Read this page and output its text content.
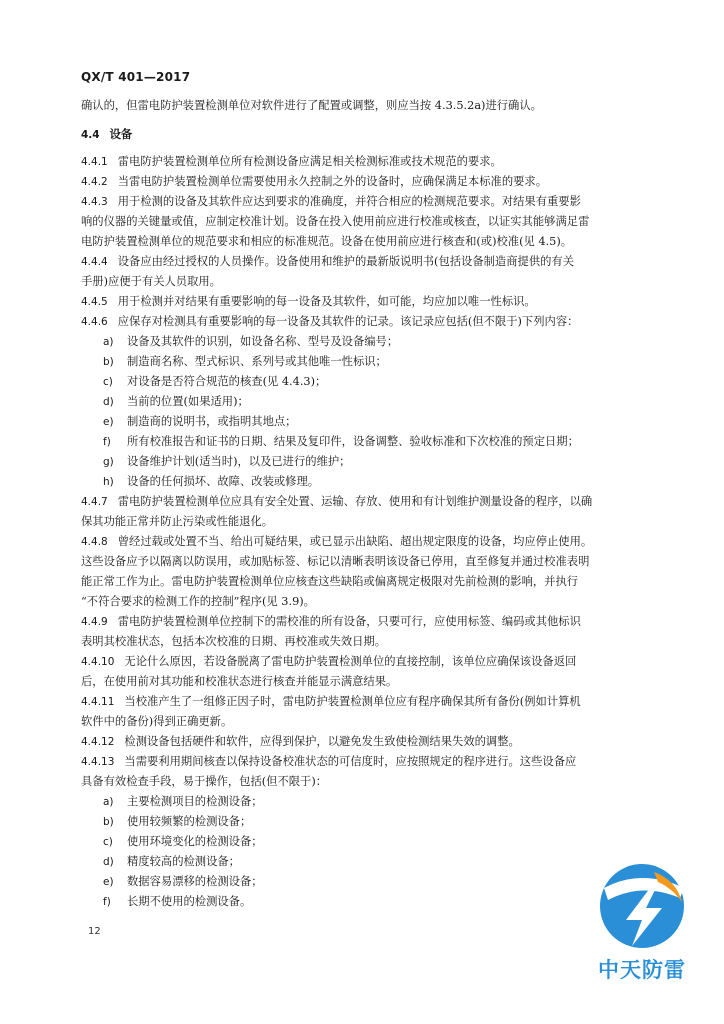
QX/T 401—2017
确认的，但雷电防护装置检测单位对软件进行了配置或调整，则应当按 4.3.5.2a)进行确认。
4.4 设备
4.4.1 雷电防护装置检测单位所有检测设备应满足相关检测标准或技术规范的要求。
4.4.2 当雷电防护装置检测单位需要使用永久控制之外的设备时，应确保满足本标准的要求。
4.4.3 用于检测的设备及其软件应达到要求的准确度，并符合相应的检测规范要求。对结果有重要影
响的仪器的关键量或值，应制定校准计划。设备在投入使用前应进行校准或核查，以证实其能够满足雷
电防护装置检测单位的规范要求和相应的标准规范。设备在使用前应进行核查和(或)校准(见 4.5)。
4.4.4 设备应由经过授权的人员操作。设备使用和维护的最新版说明书(包括设备制造商提供的有关
手册)应便于有关人员取用。
4.4.5 用于检测并对结果有重要影响的每一设备及其软件，如可能，均应加以唯一性标识。
4.4.6 应保存对检测具有重要影响的每一设备及其软件的记录。该记录应包括(但不限于)下列内容：
a) 设备及其软件的识别，如设备名称、型号及设备编号；
b) 制造商名称、型式标识、系列号或其他唯一性标识；
c) 对设备是否符合规范的核查(见 4.4.3)；
d) 当前的位置(如果适用)；
e) 制造商的说明书，或指明其地点；
f) 所有校准报告和证书的日期、结果及复印件，设备调整、验收标准和下次校准的预定日期；
g) 设备维护计划(适当时)，以及已进行的维护；
h) 设备的任何损坏、故障、改装或修理。
4.4.7 雷电防护装置检测单位应具有安全处置、运输、存放、使用和有计划维护测量设备的程序，以确
保其功能正常并防止污染或性能退化。
4.4.8 曾经过载或处置不当、给出可疑结果，或已显示出缺陷、超出规定限度的设备，均应停止使用。
这些设备应予以隔离以防误用，或加贴标签、标记以清晰表明该设备已停用，直至修复并通过校准表明
能正常工作为止。雷电防护装置检测单位应核查这些缺陷或偏离规定极限对先前检测的影响，并执行
“不符合要求的检测工作的控制”程序(见 3.9)。
4.4.9 雷电防护装置检测单位控制下的需校准的所有设备，只要可行，应使用标签、编码或其他标识
表明其校准状态，包括本次校准的日期、再校准或失效日期。
4.4.10 无论什么原因，若设备脱离了雷电防护装置检测单位的直接控制，该单位应确保该设备返回
后，在使用前对其功能和校准状态进行核查并能显示满意结果。
4.4.11 当校准产生了一组修正因子时，雷电防护装置检测单位应有程序确保其所有备份(例如计算机
软件中的备份)得到正确更新。
4.4.12 检测设备包括硬件和软件，应得到保护，以避免发生致使检测结果失效的调整。
4.4.13 当需要利用期间核查以保持设备校准状态的可信度时，应按照规定的程序进行。这些设备应
具备有效检查手段，易于操作，包括(但不限于)：
a) 主要检测项目的检测设备；
b) 使用较频繁的检测设备；
c) 使用环境变化的检测设备；
d) 精度较高的检测设备；
e) 数据容易漂移的检测设备；
f) 长期不使用的检测设备。
12
中天防雷
